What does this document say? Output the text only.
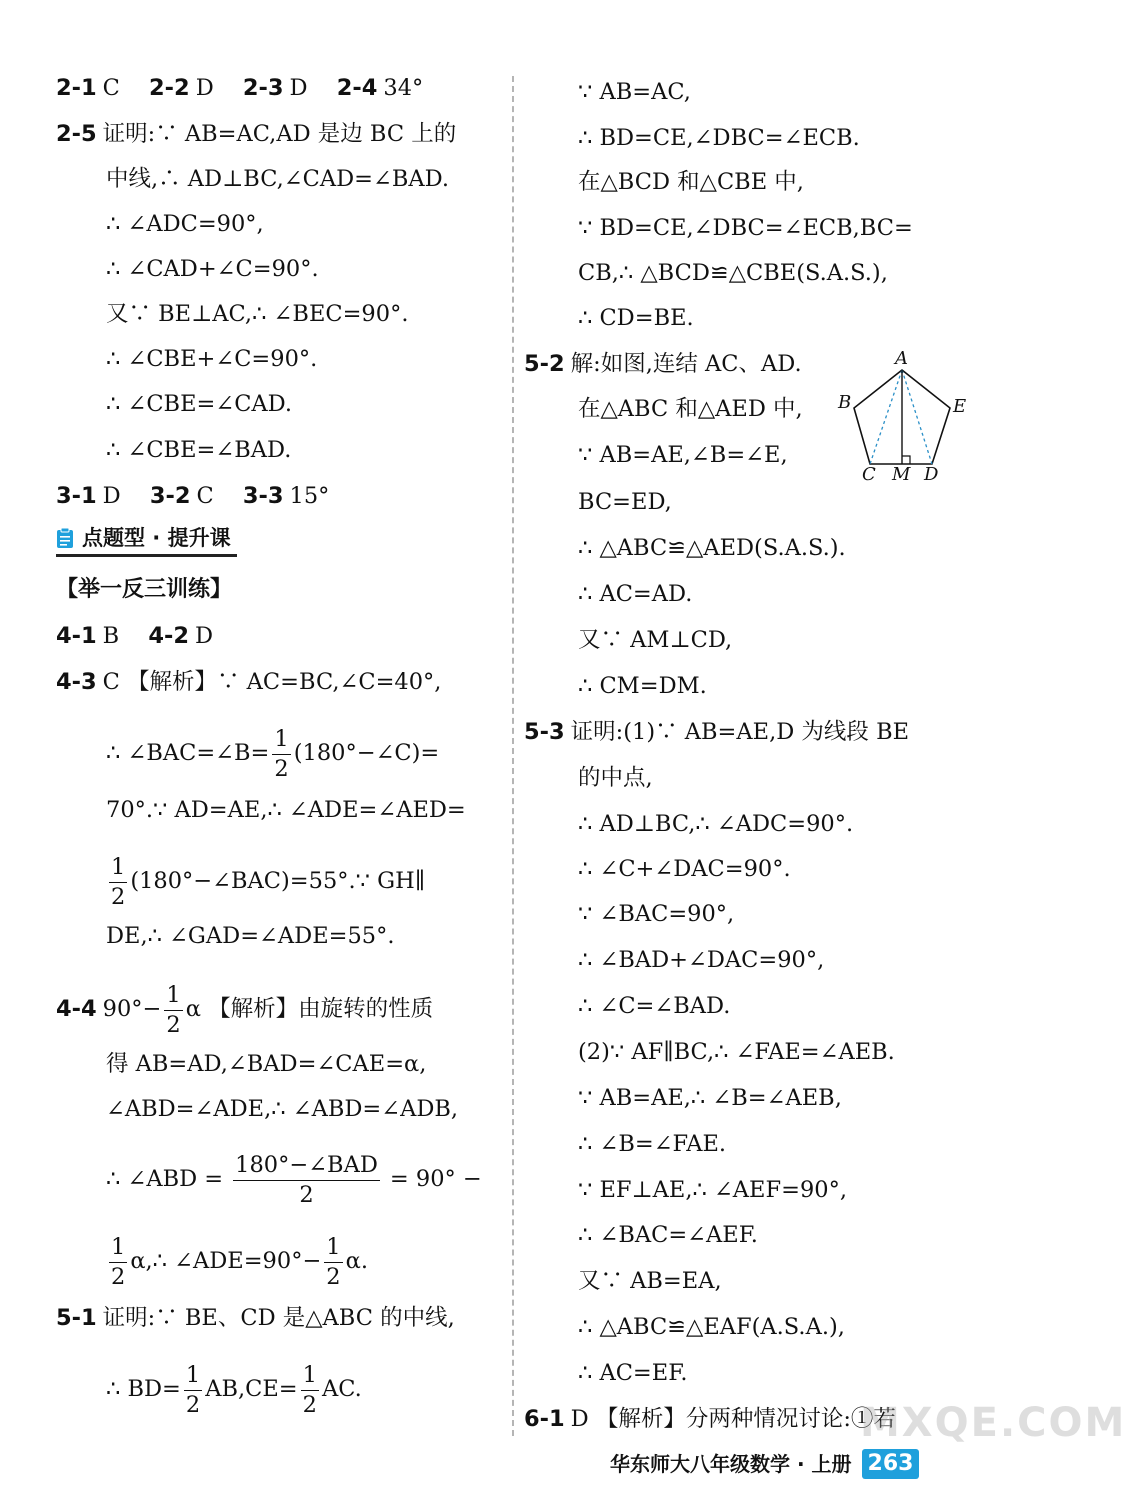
2-1 C 2-2 D 2-3 D 2-4 34°
2-5 证明:∵ AB=AC,AD 是边 BC 上的
中线,∴ AD⊥BC,∠CAD=∠BAD.
∴ ∠ADC=90°,
∴ ∠CAD+∠C=90°.
又∵ BE⊥AC,∴ ∠BEC=90°.
∴ ∠CBE+∠C=90°.
∴ ∠CBE=∠CAD.
∴ ∠CBE=∠BAD.
3-1 D 3-2 C 3-3 15°
点题型 · 提升课
【举一反三训练】
4-1 B 4-2 D
4-3 C 【解析】∵ AC=BC,∠C=40°,
∴ ∠BAC=∠B= $\frac{1}{2}$ (180°−∠C)=
70°.∵ AD=AE,∴ ∠ADE=∠AED=
$\frac{1}{2}$ (180°−∠BAC)=55°.∵ GH∥
DE,∴ ∠GAD=∠ADE=55°.
4-4 $90^\circ- \frac{1}{2}$ α 【解析】由旋转的性质
得 AB=AD,∠BAD=∠CAE=α,
∠ABD=∠ADE,∴ ∠ABD=∠ADB,
∴ ∠ABD = $\frac{\text{180°−∠BAD}}{2} = 90^\circ$ −
$\frac{1}{2}$ α,∴ ∠ADE=90°− $\frac{1}{2} \alpha$.
5-1 证明:∵ BE、CD 是△ABC 的中线,
∴ $BD= \frac{1}{2} AB,CE= \frac{1}{2}$ AC.
∵ AB=AC,
∴ BD=CE,∠DBC=∠ECB.
在△BCD 和△CBE 中,
∵ BD=CE,∠DBC=∠ECB,BC=
CB,∴ △BCD≌△CBE(S.A.S.),
∴ CD=BE.
5-2 解:如图,连结 AC、AD.
在△ABC 和△AED 中,
∵ AB=AE,∠B=∠E,
BC=ED,
∴ △ABC≌△AED(S.A.S.).
∴ AC=AD.
又∵ AM⊥CD,
∴ CM=DM.
A
B	E
C M D
5-3 证明:(1)∵ AB=AE,D 为线段 BE
的中点,
∴ AD⊥BC,∴ ∠ADC=90°.
∴ ∠C+∠DAC=90°.
∵ ∠BAC=90°,
∴ ∠BAD+∠DAC=90°,
∴ ∠C=∠BAD.
(2)∵ AF∥BC,∴ ∠FAE=∠AEB.
∵ AB=AE,∴ ∠B=∠AEB,
∴ ∠B=∠FAE.
∵ EF⊥AE,∴ ∠AEF=90°,
∴ ∠BAC=∠AEF.
又∵ AB=EA,
∴ △ABC≌△EAF(A.S.A.),
∴ AC=EF.
6-1 D 【解析】分两种情况讨论:①若
MXQE.COM
华东师大八年级数学 · 上册 263
